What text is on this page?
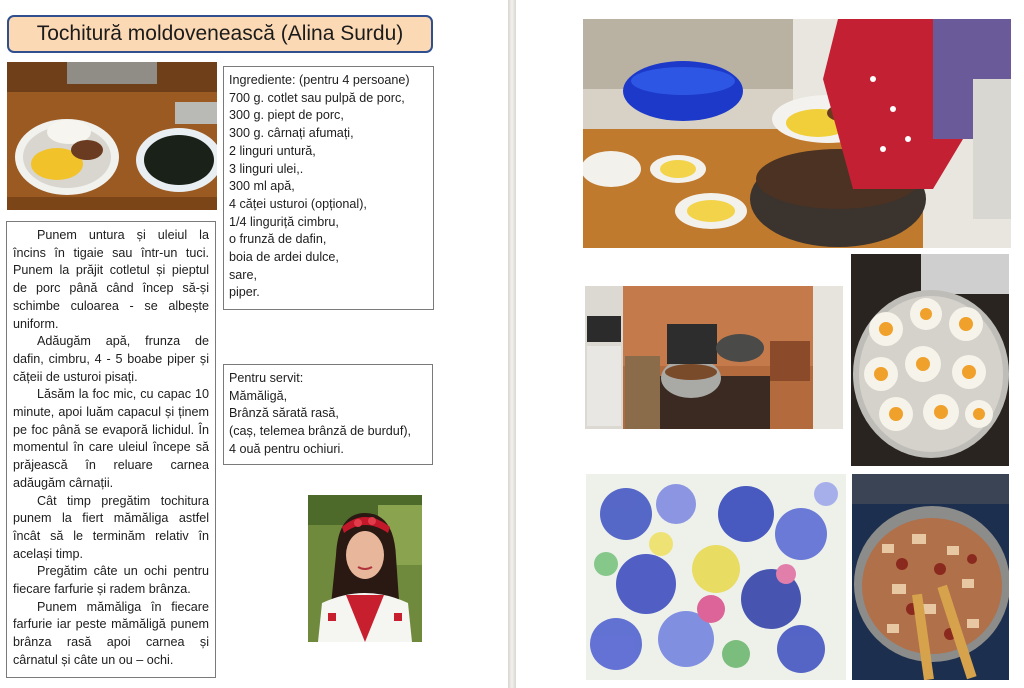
Tochitură moldovenească (Alina Surdu)
Ingrediente: (pentru 4 persoane)
700 g. cotlet sau pulpă de porc,
300 g. piept de porc,
300 g. cârnați afumați,
2 linguri untură,
3 linguri ulei,.
300 ml apă,
4 căței usturoi (opțional),
1/4 linguriță cimbru,
o frunză de dafin,
boia de ardei dulce,
sare,
piper.

Punem untura și uleiul la încins în tigaie sau într-un tuci. Punem la prăjit cotletul și pieptul de porc până când încep să-și schimbe culoarea - se albește uniform.

Adăugăm apă, frunza de dafin, cimbru, 4 - 5 boabe piper și cățeii de usturoi pisați.

Lăsăm la foc mic, cu capac 10 minute, apoi luăm capacul și ținem pe foc până se evaporă lichidul. În momentul în care uleiul începe să prăjească în reluare carnea adăugăm cârnații.

Cât timp pregătim tochitura punem la fiert mămăliga astfel încât să le terminăm relativ în același timp.

Pregătim câte un ochi pentru fiecare farfurie și radem brânza.

Punem mămăliga în fiecare farfurie iar peste mămăligă punem brânza rasă apoi carnea și cârnatul și câte un ou – ochi.

Pentru servit:
Mămăligă,
Brânză sărată rasă,
(caș, telemea brânză de burduf),
4 ouă pentru ochiuri.
